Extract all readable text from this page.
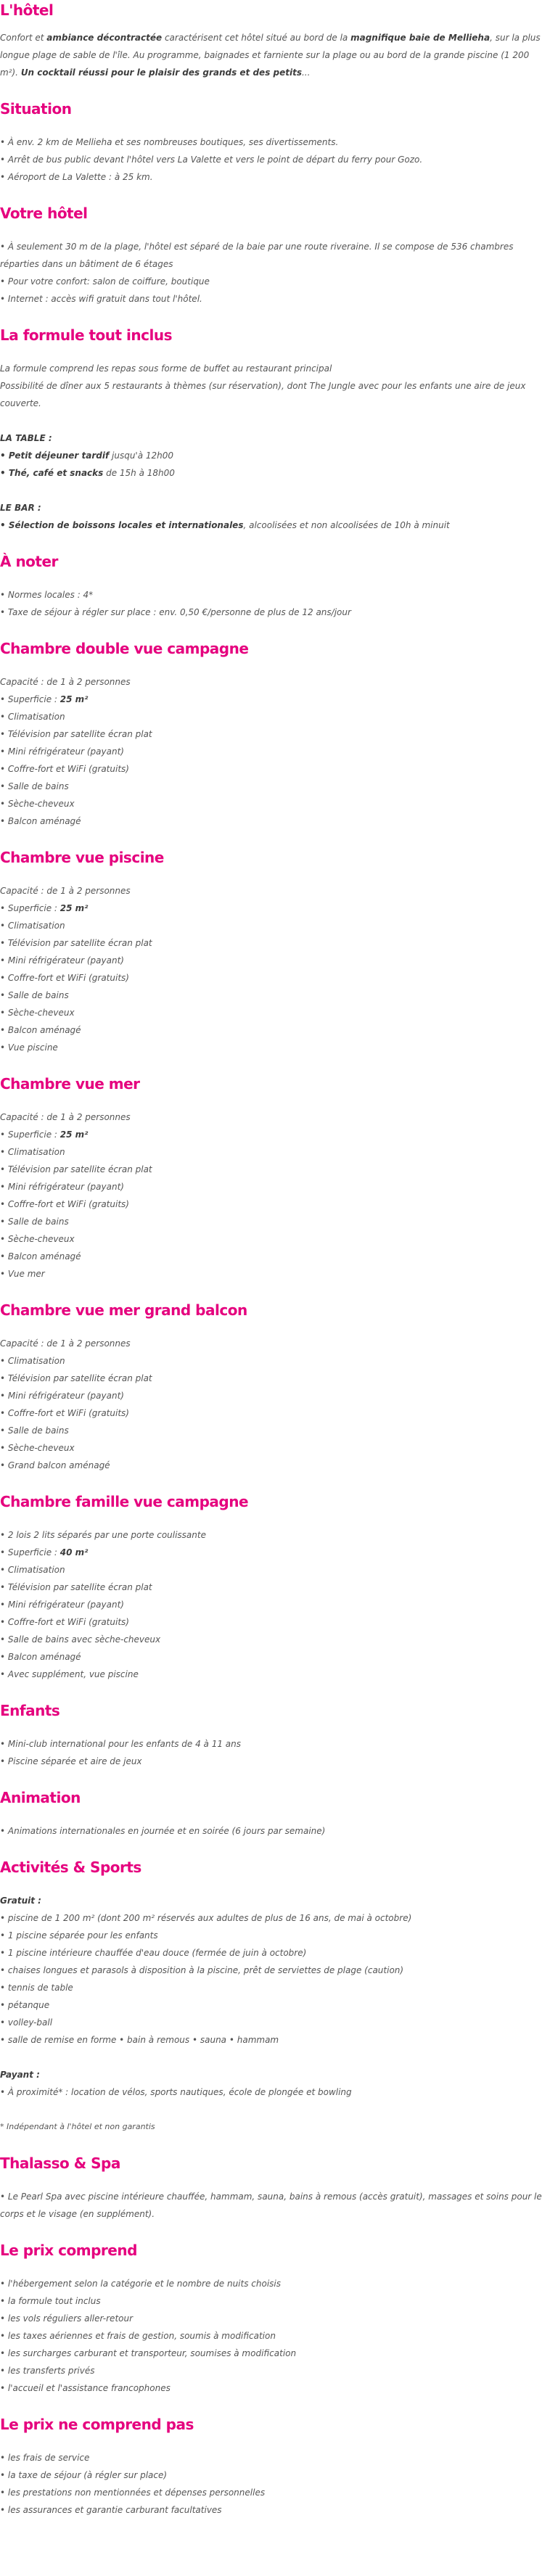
L'hôtel

Confort et ambiance décontractée caractérisent cet hôtel situé au bord de la magnifique baie de Mellieha, sur la plus longue plage de sable de l'île. Au programme, baignades et farniente sur la plage ou au bord de la grande piscine (1 200 m²). Un cocktail réussi pour le plaisir des grands et des petits...

Situation

• À env. 2 km de Mellieha et ses nombreuses boutiques, ses divertissements.

• Arrêt de bus public devant l'hôtel vers La Valette et vers le point de départ du ferry pour Gozo.

• Aéroport de La Valette : à 25 km.

Votre hôtel

• À seulement 30 m de la plage, l'hôtel est séparé de la baie par une route riveraine. Il se compose de 536 chambres réparties dans un bâtiment de 6 étages

• Pour votre confort: salon de coiffure, boutique

• Internet : accès wifi gratuit dans tout l'hôtel.

La formule tout inclus

La formule comprend les repas sous forme de buffet au restaurant principal

Possibilité de dîner aux 5 restaurants à thèmes (sur réservation), dont The Jungle avec pour les enfants une aire de jeux couverte.

LA TABLE :

• Petit déjeuner tardif jusqu'à 12h00

• Thé, café et snacks de 15h à 18h00

LE BAR :

• Sélection de boissons locales et internationales, alcoolisées et non alcoolisées de 10h à minuit

À noter

• Normes locales : 4*

• Taxe de séjour à régler sur place : env. 0,50 €/personne de plus de 12 ans/jour

Chambre double vue campagne

Capacité : de 1 à 2 personnes

• Superficie : 25 m²

• Climatisation

• Télévision par satellite écran plat

• Mini réfrigérateur (payant)

• Coffre-fort et WiFi (gratuits)

• Salle de bains

• Sèche-cheveux

• Balcon aménagé

Chambre vue piscine

Capacité : de 1 à 2 personnes

• Superficie : 25 m²

• Climatisation

• Télévision par satellite écran plat

• Mini réfrigérateur (payant)

• Coffre-fort et WiFi (gratuits)

• Salle de bains

• Sèche-cheveux

• Balcon aménagé

• Vue piscine

Chambre vue mer

Capacité : de 1 à 2 personnes

• Superficie : 25 m²

• Climatisation

• Télévision par satellite écran plat

• Mini réfrigérateur (payant)

• Coffre-fort et WiFi (gratuits)

• Salle de bains

• Sèche-cheveux

• Balcon aménagé

• Vue mer

Chambre vue mer grand balcon

Capacité : de 1 à 2 personnes

• Climatisation

• Télévision par satellite écran plat

• Mini réfrigérateur (payant)

• Coffre-fort et WiFi (gratuits)

• Salle de bains

• Sèche-cheveux

• Grand balcon aménagé

Chambre famille vue campagne

• 2 lois 2 lits séparés par une porte coulissante

• Superficie : 40 m²

• Climatisation

• Télévision par satellite écran plat

• Mini réfrigérateur (payant)

• Coffre-fort et WiFi (gratuits)

• Salle de bains avec sèche-cheveux

• Balcon aménagé

• Avec supplément, vue piscine

Enfants

• Mini-club international pour les enfants de 4 à 11 ans

• Piscine séparée et aire de jeux

Animation

• Animations internationales en journée et en soirée (6 jours par semaine)

Activités & Sports

Gratuit :

• piscine de 1 200 m² (dont 200 m² réservés aux adultes de plus de 16 ans, de mai à octobre)

• 1 piscine séparée pour les enfants

• 1 piscine intérieure chauffée d'eau douce (fermée de juin à octobre)

• chaises longues et parasols à disposition à la piscine, prêt de serviettes de plage (caution)

• tennis de table

• pétanque

• volley-ball

• salle de remise en forme • bain à remous • sauna • hammam

Payant :

• À proximité* : location de vélos, sports nautiques, école de plongée et bowling

* Indépendant à l'hôtel et non garantis

Thalasso & Spa

• Le Pearl Spa avec piscine intérieure chauffée, hammam, sauna, bains à remous (accès gratuit), massages et soins pour le corps et le visage (en supplément).

Le prix comprend

• l'hébergement selon la catégorie et le nombre de nuits choisis

• la formule tout inclus

• les vols réguliers aller-retour

• les taxes aériennes et frais de gestion, soumis à modification

• les surcharges carburant et transporteur, soumises à modification

• les transferts privés

• l'accueil et l'assistance francophones

Le prix ne comprend pas

• les frais de service

• la taxe de séjour (à régler sur place)

• les prestations non mentionnées et dépenses personnelles

• les assurances et garantie carburant facultatives
